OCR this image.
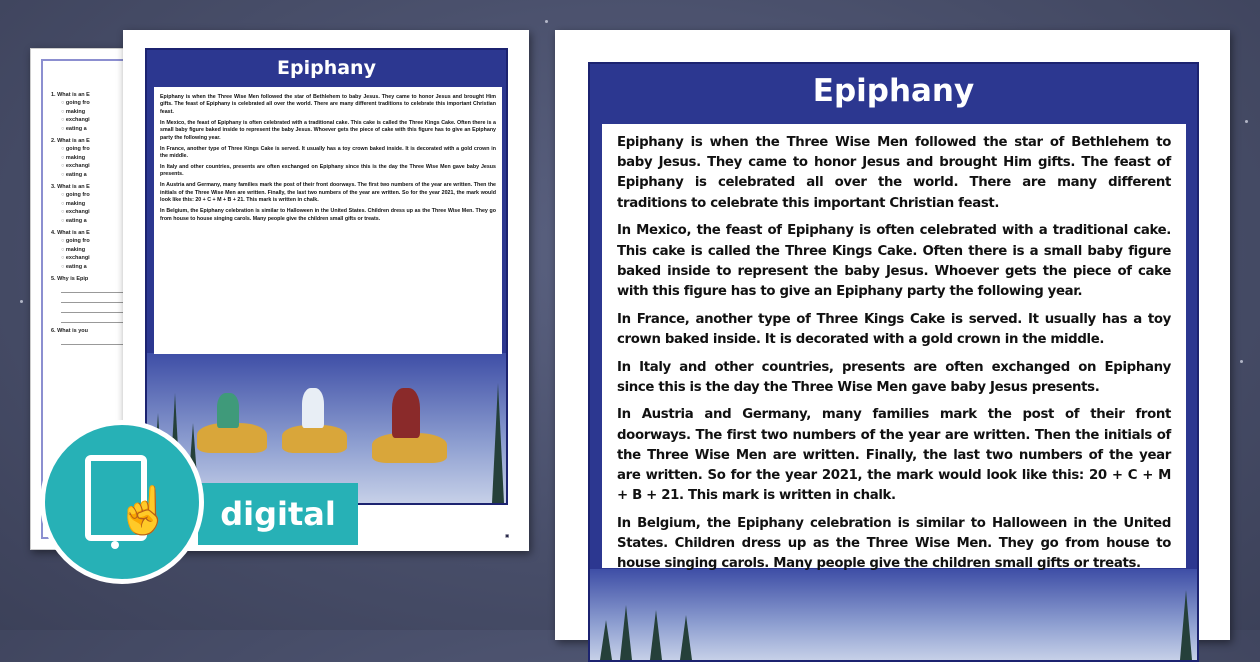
1. What is an E
○ going fro
○ making
○ exchangi
○ eating a
2. What is an E
○ going fro
○ making
○ exchangi
○ eating a
3. What is an E
○ going fro
○ making
○ exchangi
○ eating a
4. What is an E
○ going fro
○ making
○ exchangi
○ eating a
5. Why is Epip
6. What is you
Epiphany

Epiphany is when the Three Wise Men followed the star of Bethlehem to baby Jesus. They came to honor Jesus and brought Him gifts. The feast of Epiphany is celebrated all over the world. There are many different traditions to celebrate this important Christian feast.

In Mexico, the feast of Epiphany is often celebrated with a traditional cake. This cake is called the Three Kings Cake. Often there is a small baby figure baked inside to represent the baby Jesus. Whoever gets the piece of cake with this figure has to give an Epiphany party the following year.

In France, another type of Three Kings Cake is served. It usually has a toy crown baked inside. It is decorated with a gold crown in the middle.

In Italy and other countries, presents are often exchanged on Epiphany since this is the day the Three Wise Men gave baby Jesus presents.

In Austria and Germany, many families mark the post of their front doorways. The first two numbers of the year are written. Then the initials of the Three Wise Men are written. Finally, the last two numbers of the year are written. So for the year 2021, the mark would look like this: 20 + C + M + B + 21. This mark is written in chalk.

In Belgium, the Epiphany celebration is similar to Halloween in the United States. Children dress up as the Three Wise Men. They go from house to house singing carols. Many people give the children small gifts or treats.

▣
Epiphany

Epiphany is when the Three Wise Men followed the star of Bethlehem to baby Jesus. They came to honor Jesus and brought Him gifts. The feast of Epiphany is celebrated all over the world. There are many different traditions to celebrate this important Christian feast.

In Mexico, the feast of Epiphany is often celebrated with a traditional cake. This cake is called the Three Kings Cake. Often there is a small baby figure baked inside to represent the baby Jesus. Whoever gets the piece of cake with this figure has to give an Epiphany party the following year.

In France, another type of Three Kings Cake is served. It usually has a toy crown baked inside. It is decorated with a gold crown in the middle.

In Italy and other countries, presents are often exchanged on Epiphany since this is the day the Three Wise Men gave baby Jesus presents.

In Austria and Germany, many families mark the post of their front doorways. The first two numbers of the year are written. Then the initials of the Three Wise Men are written. Finally, the last two numbers of the year are written. So for the year 2021, the mark would look like this: 20 + C + M + B + 21. This mark is written in chalk.

In Belgium, the Epiphany celebration is similar to Halloween in the United States. Children dress up as the Three Wise Men. They go from house to house singing carols. Many people give the children small gifts or treats.

☝	digital
